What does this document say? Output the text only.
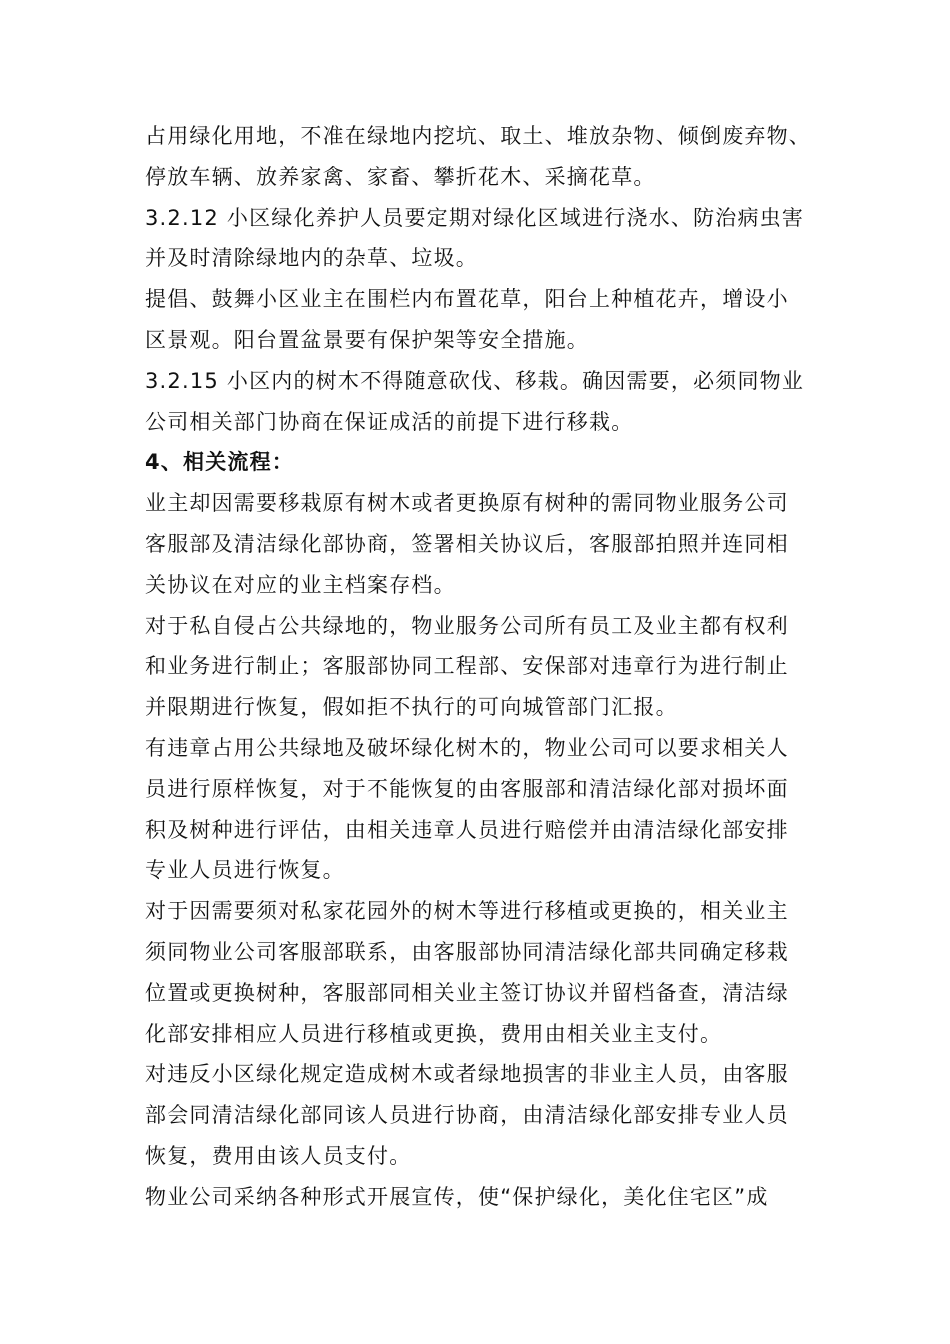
占用绿化用地，不准在绿地内挖坑、取土、堆放杂物、倾倒废弃物、
停放车辆、放养家禽、家畜、攀折花木、采摘花草。
3.2.12 小区绿化养护人员要定期对绿化区域进行浇水、防治病虫害
并及时清除绿地内的杂草、垃圾。
提倡、鼓舞小区业主在围栏内布置花草，阳台上种植花卉，增设小
区景观。阳台置盆景要有保护架等安全措施。
3.2.15 小区内的树木不得随意砍伐、移栽。确因需要，必须同物业
公司相关部门协商在保证成活的前提下进行移栽。
4、相关流程：
业主却因需要移栽原有树木或者更换原有树种的需同物业服务公司
客服部及清洁绿化部协商，签署相关协议后，客服部拍照并连同相
关协议在对应的业主档案存档。
对于私自侵占公共绿地的，物业服务公司所有员工及业主都有权利
和业务进行制止；客服部协同工程部、安保部对违章行为进行制止
并限期进行恢复，假如拒不执行的可向城管部门汇报。
有违章占用公共绿地及破坏绿化树木的，物业公司可以要求相关人
员进行原样恢复，对于不能恢复的由客服部和清洁绿化部对损坏面
积及树种进行评估，由相关违章人员进行赔偿并由清洁绿化部安排
专业人员进行恢复。
对于因需要须对私家花园外的树木等进行移植或更换的，相关业主
须同物业公司客服部联系，由客服部协同清洁绿化部共同确定移栽
位置或更换树种，客服部同相关业主签订协议并留档备查，清洁绿
化部安排相应人员进行移植或更换，费用由相关业主支付。
对违反小区绿化规定造成树木或者绿地损害的非业主人员，由客服
部会同清洁绿化部同该人员进行协商，由清洁绿化部安排专业人员
恢复，费用由该人员支付。
物业公司采纳各种形式开展宣传，使“保护绿化，美化住宅区”成
